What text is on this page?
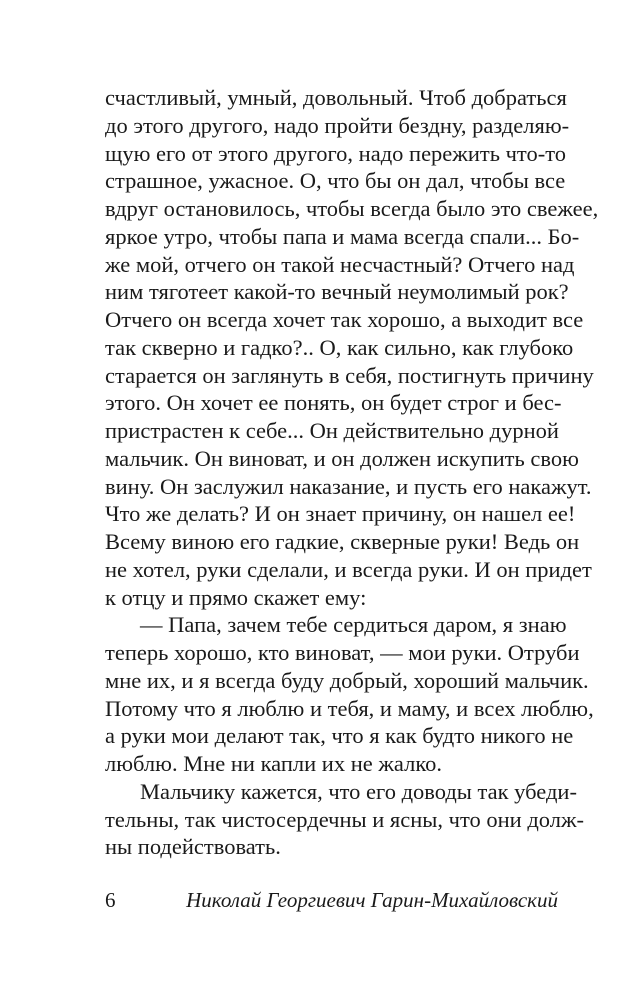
счастливый, умный, довольный. Чтоб добраться
до этого другого, надо пройти бездну, разделяю-
щую его от этого другого, надо пережить что-то
страшное, ужасное. О, что бы он дал, чтобы все
вдруг остановилось, чтобы всегда было это свежее,
яркое утро, чтобы папа и мама всегда спали... Бо-
же мой, отчего он такой несчастный? Отчего над
ним тяготеет какой-то вечный неумолимый рок?
Отчего он всегда хочет так хорошо, а выходит все
так скверно и гадко?.. О, как сильно, как глубоко
старается он заглянуть в себя, постигнуть причину
этого. Он хочет ее понять, он будет строг и бес-
пристрастен к себе... Он действительно дурной
мальчик. Он виноват, и он должен искупить свою
вину. Он заслужил наказание, и пусть его накажут.
Что же делать? И он знает причину, он нашел ее!
Всему виною его гадкие, скверные руки! Ведь он
не хотел, руки сделали, и всегда руки. И он придет
к отцу и прямо скажет ему:
— Папа, зачем тебе сердиться даром, я знаю
теперь хорошо, кто виноват, — мои руки. Отруби
мне их, и я всегда буду добрый, хороший мальчик.
Потому что я люблю и тебя, и маму, и всех люблю,
а руки мои делают так, что я как будто никого не
люблю. Мне ни капли их не жалко.
Мальчику кажется, что его доводы так убеди-
тельны, так чистосердечны и ясны, что они долж-
ны подействовать.
6	Николай Георгиевич Гарин-Михайловский
